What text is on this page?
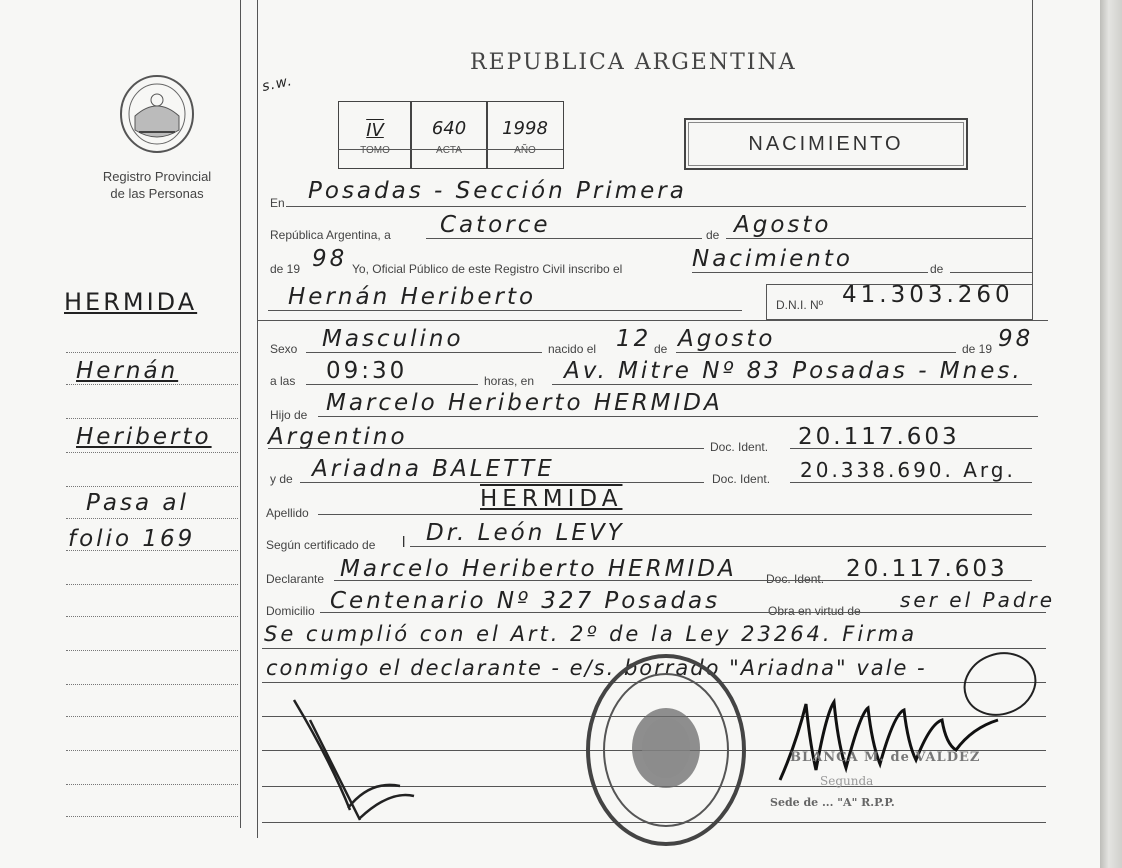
Registro Provincial
de las Personas
REPUBLICA ARGENTINA
s.w.
IV
TOMO
640
ACTA
1998
AÑO	NACIMIENTO
En Posadas - Sección Primera
República Argentina, a Catorce	de Agosto
de 19 98 Yo, Oficial Público de este Registro Civil inscribo el	Nacimiento	de
HERMIDA	Hernán Heriberto	D.N.I. Nº 41.303.260
Hernán
Heriberto
Pasa al
folio 169
Sexo Masculino	nacido el 12 de Agosto	de 19 98
a las 09:30	horas, en Av. Mitre Nº 83 Posadas - Mnes.
Hijo de Marcelo Heriberto HERMIDA
Argentino	Doc. Ident. 20.117.603
y de Ariadna BALETTE	Doc. Ident. 20.338.690. Arg.
Apellido
HERMIDA
Según certificado de l Dr. León LEVY
Declarante Marcelo Heriberto HERMIDA Doc. Ident. 20.117.603
Domicilio Centenario Nº 327 Posadas	Obra en virtud de ser el Padre
Se cumplió con el Art. 2º de la Ley 23264. Firma
conmigo el declarante - e/s. borrado "Ariadna" vale -
BLANCA M. de VALDEZ
Segunda
Sede de ... "A" R.P.P.
